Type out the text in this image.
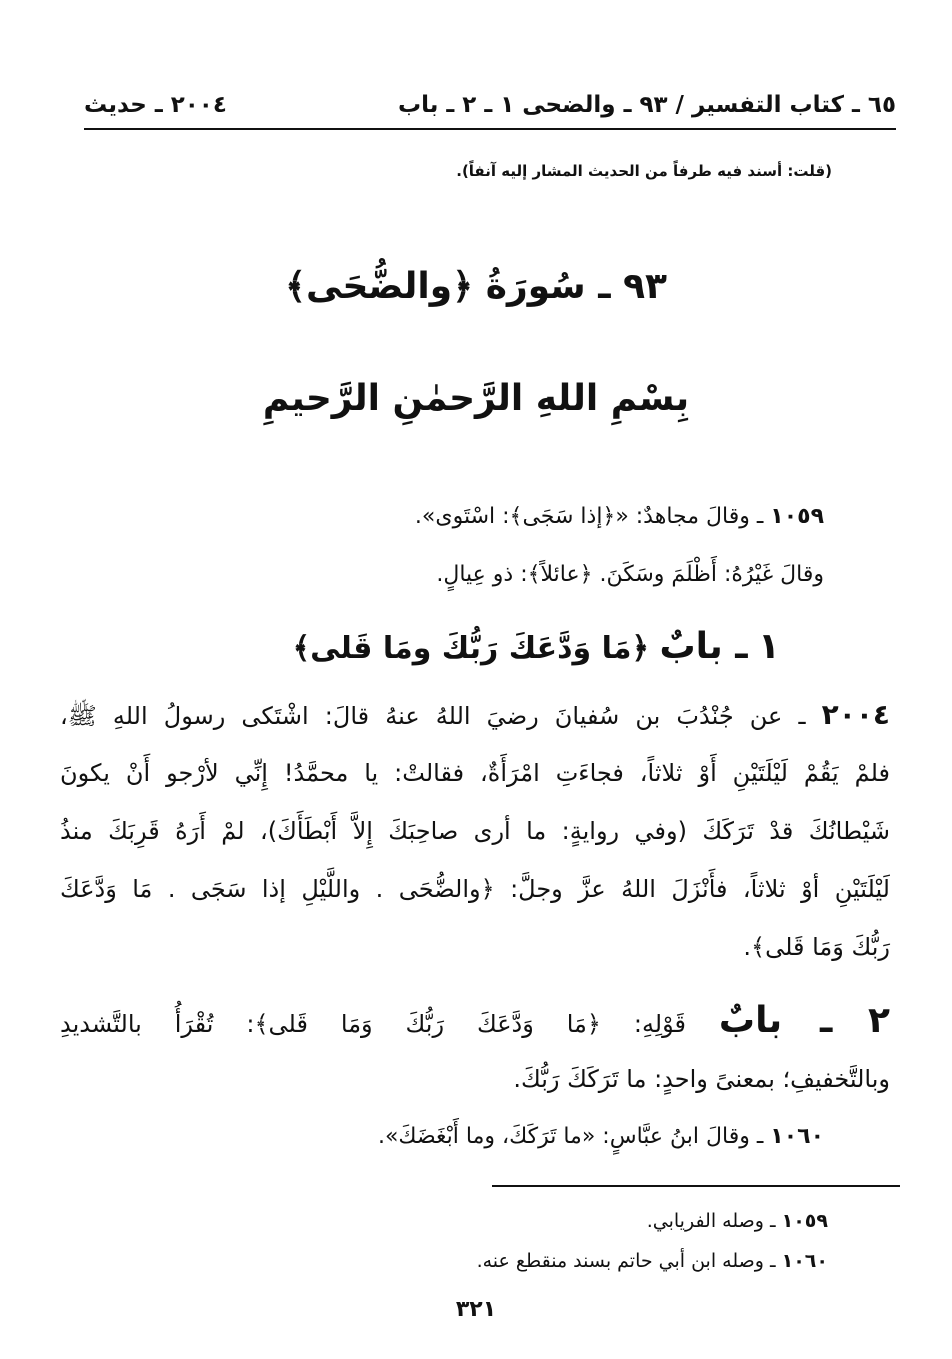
٦٥ ـ كتاب التفسير / ٩٣ ـ والضحى ١ ـ ٢ ـ باب
٢٠٠٤ ـ حديث
(قلت: أسند فيه طرفاً من الحديث المشار إليه آنفاً).
٩٣ ـ سُورَةُ ﴿والضُّحَى﴾
بِسْمِ اللهِ الرَّحمٰنِ الرَّحيمِ
١٠٥٩ ـ وقالَ مجاهدٌ: «﴿إذا سَجَى﴾: اسْتَوى».
وقالَ غَيْرُهُ: أَظْلَمَ وسَكَنَ. ﴿عائلاً﴾: ذو عِيالٍ.
١ ـ بابٌ ﴿مَا وَدَّعَكَ رَبُّكَ ومَا قَلى﴾
٢٠٠٤ ـ عن جُنْدُبَ بن سُفيانَ رضيَ اللهُ عنهُ قالَ: اشْتَكى رسولُ اللهِ ﷺ،
فلمْ يَقُمْ لَيْلَتَيْنِ أَوْ ثلاثاً، فجاءَتِ امْرَأَةٌ، فقالتْ: يا محمَّدُ! إِنِّي لأرْجو أَنْ يكونَ
شَيْطانُكَ قدْ تَرَكَكَ (وفي روايةٍ: ما أرى صاحِبَكَ إِلاَّ أَبْطَأَكَ)، لمْ أَرَهُ قَرِبَكَ منذُ
لَيْلَتَيْنِ أوْ ثلاثاً، فأَنْزَلَ اللهُ عزَّ وجلَّ: ﴿والضُّحَى . واللَّيْلِ إذا سَجَى . مَا وَدَّعَكَ
رَبُّكَ وَمَا قَلى﴾.
٢ ـ بابٌ قَوْلِهِ: ﴿مَا وَدَّعَكَ رَبُّكَ وَمَا قَلى﴾: تُقْرَأُ بالتَّشديدِ
وبالتَّخفيفِ؛ بمعنىً واحدٍ: ما تَرَكَكَ رَبُّكَ.
١٠٦٠ ـ وقالَ ابنُ عبَّاسٍ: «ما تَرَكَكَ، وما أَبْغَضَكَ».
١٠٥٩ ـ وصله الفريابي.
١٠٦٠ ـ وصله ابن أبي حاتم بسند منقطع عنه.
٣٢١
